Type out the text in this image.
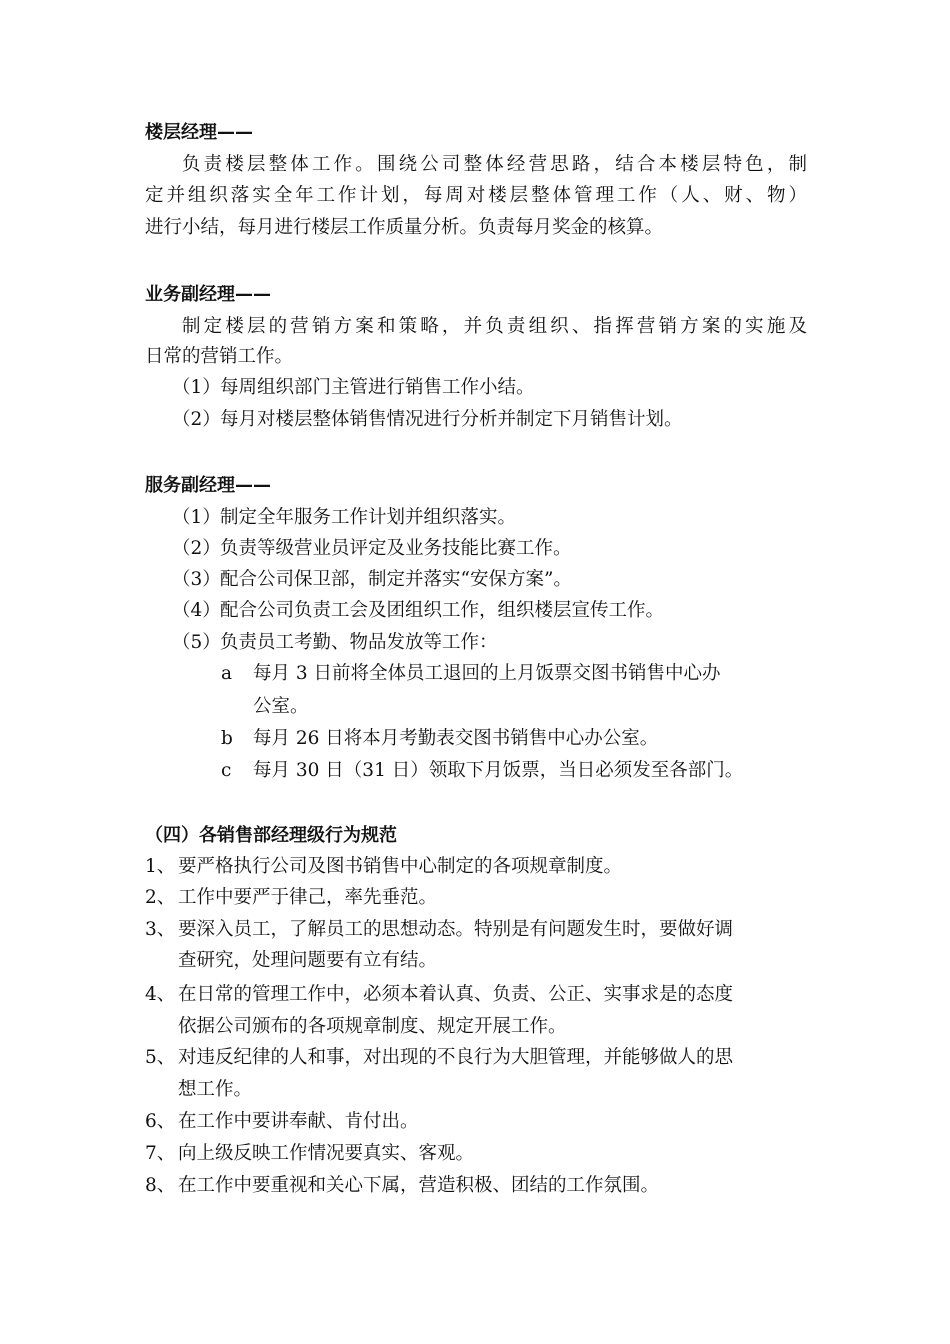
楼层经理——
负责楼层整体工作。围绕公司整体经营思路，结合本楼层特色，制
定并组织落实全年工作计划，每周对楼层整体管理工作（人、财、物）
进行小结，每月进行楼层工作质量分析。负责每月奖金的核算。
业务副经理——
制定楼层的营销方案和策略，并负责组织、指挥营销方案的实施及
日常的营销工作。
（1）每周组织部门主管进行销售工作小结。
（2）每月对楼层整体销售情况进行分析并制定下月销售计划。
服务副经理——
（1）制定全年服务工作计划并组织落实。
（2）负责等级营业员评定及业务技能比赛工作。
（3）配合公司保卫部，制定并落实“安保方案”。
（4）配合公司负责工会及团组织工作，组织楼层宣传工作。
（5）负责员工考勤、物品发放等工作：
a 每月 3 日前将全体员工退回的上月饭票交图书销售中心办
公室。
b 每月 26 日将本月考勤表交图书销售中心办公室。
c 每月 30 日（31 日）领取下月饭票，当日必须发至各部门。
（四）各销售部经理级行为规范
1、 要严格执行公司及图书销售中心制定的各项规章制度。
2、 工作中要严于律己，率先垂范。
3、 要深入员工，了解员工的思想动态。特别是有问题发生时，要做好调
查研究，处理问题要有立有结。
4、 在日常的管理工作中，必须本着认真、负责、公正、实事求是的态度
依据公司颁布的各项规章制度、规定开展工作。
5、 对违反纪律的人和事，对出现的不良行为大胆管理，并能够做人的思
想工作。
6、 在工作中要讲奉献、肯付出。
7、 向上级反映工作情况要真实、客观。
8、 在工作中要重视和关心下属，营造积极、团结的工作氛围。
